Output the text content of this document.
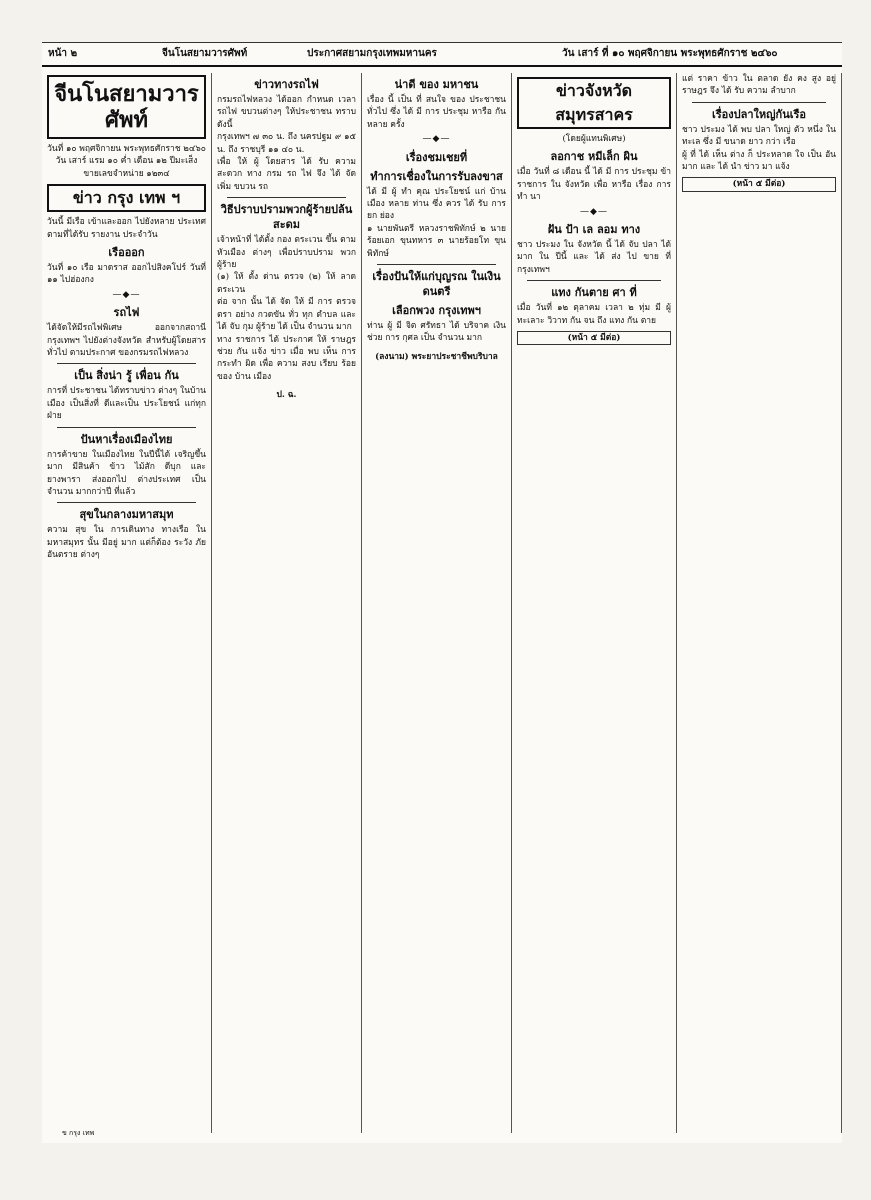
หน้า ๒	จีนโนสยามวารศัพท์	ประกาศสยามกรุงเทพมหานคร	วัน เสาร์ ที่ ๑๐ พฤศจิกายน พระพุทธศักราช ๒๔๖๐
จีนโนสยามวารศัพท์
วันที่ ๑๐ พฤศจิกายน พระพุทธศักราช ๒๔๖๐
วัน เสาร์ แรม ๑๐ ค่ำ เดือน ๑๒ ปีมะเส็ง
ขายเลขจำหน่าย ๑๒๓๔
ข่าว กรุง เทพ ฯ
วันนี้ มีเรือ เข้าและออก ไปยังหลาย ประเทศ ตามที่ได้รับ รายงาน ประจำวัน
เรือออก
วันที่ ๑๐ เรือ มาดราส ออกไปสิงคโปร์ วันที่ ๑๑ ไปฮ่องกง
—◆—
รถไฟ
ได้จัดให้มีรถไฟพิเศษ ออกจากสถานีกรุงเทพฯ ไปยังต่างจังหวัด สำหรับผู้โดยสารทั่วไป ตามประกาศ ของกรมรถไฟหลวง
เป็น สิ่งน่า รู้ เพื่อน กัน
การที่ ประชาชน ได้ทราบข่าว ต่างๆ ในบ้านเมือง เป็นสิ่งที่ ดีและเป็น ประโยชน์ แก่ทุกฝ่าย
ปันหาเรื่องเมืองไทย
การค้าขาย ในเมืองไทย ในปีนี้ได้ เจริญขึ้นมาก มีสินค้า ข้าว ไม้สัก ดีบุก และ ยางพารา ส่งออกไป ต่างประเทศ เป็นจำนวน มากกว่าปี ที่แล้ว
สุขในกลางมหาสมุท
ความ สุข ใน การเดินทาง ทางเรือ ในมหาสมุทร นั้น มีอยู่ มาก แต่ก็ต้อง ระวัง ภัย อันตราย ต่างๆ
ข่าวทางรถไฟ
กรมรถไฟหลวง ได้ออก กำหนด เวลา รถไฟ ขบวนต่างๆ ให้ประชาชน ทราบ ดังนี้
กรุงเทพฯ ๗ ๓๐ น. ถึง นครปฐม ๙ ๑๕ น. ถึง ราชบุรี ๑๑ ๔๐ น.
เพื่อ ให้ ผู้ โดยสาร ได้ รับ ความ สะดวก ทาง กรม รถ ไฟ จึง ได้ จัด เพิ่ม ขบวน รถ
วิธีปราบปรามพวกผู้ร้ายปล้นสะดม
เจ้าหน้าที่ ได้ตั้ง กอง ตระเวน ขึ้น ตามหัวเมือง ต่างๆ เพื่อปราบปราม พวกผู้ร้าย
(๑) ให้ ตั้ง ด่าน ตรวจ (๒) ให้ ลาด ตระเวน
ต่อ จาก นั้น ได้ จัด ให้ มี การ ตรวจ ตรา อย่าง กวดขัน ทั่ว ทุก ตำบล และ ได้ จับ กุม ผู้ร้าย ได้ เป็น จำนวน มาก
ทาง ราชการ ได้ ประกาศ ให้ ราษฎร ช่วย กัน แจ้ง ข่าว เมื่อ พบ เห็น การ กระทำ ผิด เพื่อ ความ สงบ เรียบ ร้อย ของ บ้าน เมือง
ป. ฉ.
น่าดี ของ มหาชน
เรื่อง นี้ เป็น ที่ สนใจ ของ ประชาชน ทั่วไป ซึ่ง ได้ มี การ ประชุม หารือ กัน หลาย ครั้ง
—◆—
เรื่องชมเชยที่
ทำการเชื่องในการรับลงขาส
ได้ มี ผู้ ทำ คุณ ประโยชน์ แก่ บ้าน เมือง หลาย ท่าน ซึ่ง ควร ได้ รับ การ ยก ย่อง
๑ นายพันตรี หลวงราชพิทักษ์ ๒ นายร้อยเอก ขุนทหาร ๓ นายร้อยโท ขุนพิทักษ์
เรื่องปันให้แก่บุญรณ ในเงินดนตรี
เลือกพวง กรุงเทพฯ
ท่าน ผู้ มี จิต ศรัทธา ได้ บริจาค เงิน ช่วย การ กุศล เป็น จำนวน มาก
(ลงนาม) พระยาประชาชีพบริบาล
ข่าวจังหวัดสมุทรสาคร
(โดยผู้แทนพิเศษ)
ลอกาช หมีเล็ก ผิน
เมื่อ วันที่ ๘ เดือน นี้ ได้ มี การ ประชุม ข้า ราชการ ใน จังหวัด เพื่อ หารือ เรื่อง การ ทำ นา
—◆—
ฝัน ป้า เล ลอม ทาง
ชาว ประมง ใน จังหวัด นี้ ได้ จับ ปลา ได้ มาก ใน ปีนี้ และ ได้ ส่ง ไป ขาย ที่ กรุงเทพฯ
แทง กันตาย ศา ที่
เมื่อ วันที่ ๑๒ ตุลาคม เวลา ๒ ทุ่ม มี ผู้ ทะเลาะ วิวาท กัน จน ถึง แทง กัน ตาย
(หน้า ๕ มีต่อ)
แต่ ราคา ข้าว ใน ตลาด ยัง คง สูง อยู่ ราษฎร จึง ได้ รับ ความ ลำบาก
เรื่องปลาใหญ่กันเรือ
ชาว ประมง ได้ พบ ปลา ใหญ่ ตัว หนึ่ง ใน ทะเล ซึ่ง มี ขนาด ยาว กว่า เรือ
ผู้ ที่ ได้ เห็น ต่าง ก็ ประหลาด ใจ เป็น อัน มาก และ ได้ นำ ข่าว มา แจ้ง
(หน้า ๕ มีต่อ)
ข กรุง เทพ
